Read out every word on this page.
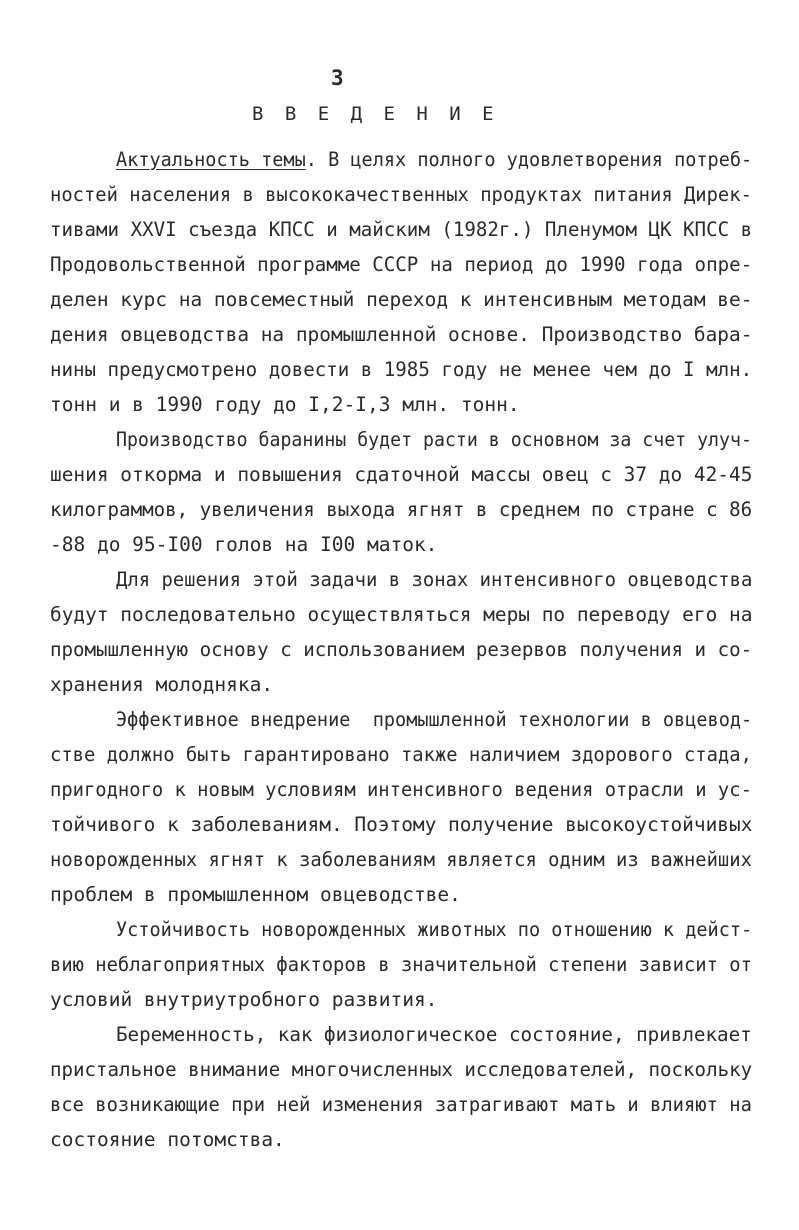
3
В В Е Д Е Н И Е
Актуальность темы. В целях полного удовлетворения потреб-
ностей населения в высококачественных продуктах питания Дирек-
тивами XXVI съезда КПСС и майским (1982г.) Пленумом ЦК КПСС в
Продовольственной программе СССР на период до 1990 года опре-
делен курс на повсеместный переход к интенсивным методам ве-
дения овцеводства на промышленной основе. Производство бара-
нины предусмотрено довести в 1985 году не менее чем до I млн.
тонн и в 1990 году до I,2-I,3 млн. тонн.
Производство баранины будет расти в основном за счет улуч-
шения откорма и повышения сдаточной массы овец с 37 до 42-45
килограммов, увеличения выхода ягнят в среднем по стране с 86
-88 до 95-I00 голов на I00 маток.
Для решения этой задачи в зонах интенсивного овцеводства
будут последовательно осуществляться меры по переводу его на
промышленную основу с использованием резервов получения и со-
хранения молодняка.
Эффективное внедрение  промышленной технологии в овцевод-
стве должно быть гарантировано также наличием здорового стада,
пригодного к новым условиям интенсивного ведения отрасли и ус-
тойчивого к заболеваниям. Поэтому получение высокоустойчивых
новорожденных ягнят к заболеваниям является одним из важнейших
проблем в промышленном овцеводстве.
Устойчивость новорожденных животных по отношению к дейст-
вию неблагоприятных факторов в значительной степени зависит от
условий внутриутробного развития.
Беременность, как физиологическое состояние, привлекает
пристальное внимание многочисленных исследователей, поскольку
все возникающие при ней изменения затрагивают мать и влияют на
состояние потомства.
